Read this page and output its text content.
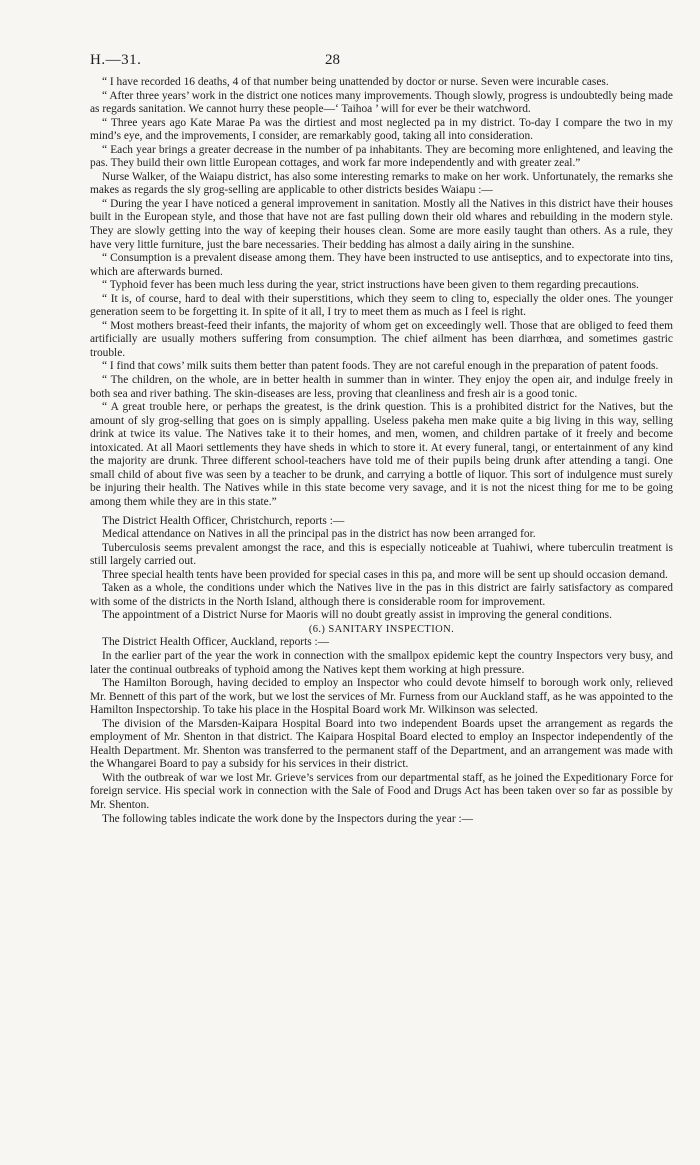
H.—31.	28

“ I have recorded 16 deaths, 4 of that number being unattended by doctor or nurse. Seven were incurable cases.

“ After three years’ work in the district one notices many improvements. Though slowly, progress is undoubtedly being made as regards sanitation. We cannot hurry these people—‘ Taihoa ’ will for ever be their watchword.

“ Three years ago Kate Marae Pa was the dirtiest and most neglected pa in my district. To-day I compare the two in my mind’s eye, and the improvements, I consider, are remarkably good, taking all into consideration.

“ Each year brings a greater decrease in the number of pa inhabitants. They are becoming more enlightened, and leaving the pas. They build their own little European cottages, and work far more independently and with greater zeal.”

Nurse Walker, of the Waiapu district, has also some interesting remarks to make on her work. Unfortunately, the remarks she makes as regards the sly grog-selling are applicable to other districts besides Waiapu :—

“ During the year I have noticed a general improvement in sanitation. Mostly all the Natives in this district have their houses built in the European style, and those that have not are fast pulling down their old whares and rebuilding in the modern style. They are slowly getting into the way of keeping their houses clean. Some are more easily taught than others. As a rule, they have very little furniture, just the bare necessaries. Their bedding has almost a daily airing in the sunshine.

“ Consumption is a prevalent disease among them. They have been instructed to use antiseptics, and to expectorate into tins, which are afterwards burned.

“ Typhoid fever has been much less during the year, strict instructions have been given to them regarding precautions.

“ It is, of course, hard to deal with their superstitions, which they seem to cling to, especially the older ones. The younger generation seem to be forgetting it. In spite of it all, I try to meet them as much as I feel is right.

“ Most mothers breast-feed their infants, the majority of whom get on exceedingly well. Those that are obliged to feed them artificially are usually mothers suffering from consumption. The chief ailment has been diarrhœa, and sometimes gastric trouble.

“ I find that cows’ milk suits them better than patent foods. They are not careful enough in the preparation of patent foods.

“ The children, on the whole, are in better health in summer than in winter. They enjoy the open air, and indulge freely in both sea and river bathing. The skin-diseases are less, proving that cleanliness and fresh air is a good tonic.

“ A great trouble here, or perhaps the greatest, is the drink question. This is a prohibited district for the Natives, but the amount of sly grog-selling that goes on is simply appalling. Useless pakeha men make quite a big living in this way, selling drink at twice its value. The Natives take it to their homes, and men, women, and children partake of it freely and become intoxicated. At all Maori settlements they have sheds in which to store it. At every funeral, tangi, or entertainment of any kind the majority are drunk. Three different school-teachers have told me of their pupils being drunk after attending a tangi. One small child of about five was seen by a teacher to be drunk, and carrying a bottle of liquor. This sort of indulgence must surely be injuring their health. The Natives while in this state become very savage, and it is not the nicest thing for me to be going among them while they are in this state.”

The District Health Officer, Christchurch, reports :—

Medical attendance on Natives in all the principal pas in the district has now been arranged for.

Tuberculosis seems prevalent amongst the race, and this is especially noticeable at Tuahiwi, where tuberculin treatment is still largely carried out.

Three special health tents have been provided for special cases in this pa, and more will be sent up should occasion demand.

Taken as a whole, the conditions under which the Natives live in the pas in this district are fairly satisfactory as compared with some of the districts in the North Island, although there is considerable room for improvement.

The appointment of a District Nurse for Maoris will no doubt greatly assist in improving the general conditions.

(6.) SANITARY INSPECTION.

The District Health Officer, Auckland, reports :—

In the earlier part of the year the work in connection with the smallpox epidemic kept the country Inspectors very busy, and later the continual outbreaks of typhoid among the Natives kept them working at high pressure.

The Hamilton Borough, having decided to employ an Inspector who could devote himself to borough work only, relieved Mr. Bennett of this part of the work, but we lost the services of Mr. Furness from our Auckland staff, as he was appointed to the Hamilton Inspectorship. To take his place in the Hospital Board work Mr. Wilkinson was selected.

The division of the Marsden-Kaipara Hospital Board into two independent Boards upset the arrangement as regards the employment of Mr. Shenton in that district. The Kaipara Hospital Board elected to employ an Inspector independently of the Health Department. Mr. Shenton was transferred to the permanent staff of the Department, and an arrangement was made with the Whangarei Board to pay a subsidy for his services in their district.

With the outbreak of war we lost Mr. Grieve’s services from our departmental staff, as he joined the Expeditionary Force for foreign service. His special work in connection with the Sale of Food and Drugs Act has been taken over so far as possible by Mr. Shenton.

The following tables indicate the work done by the Inspectors during the year :—
